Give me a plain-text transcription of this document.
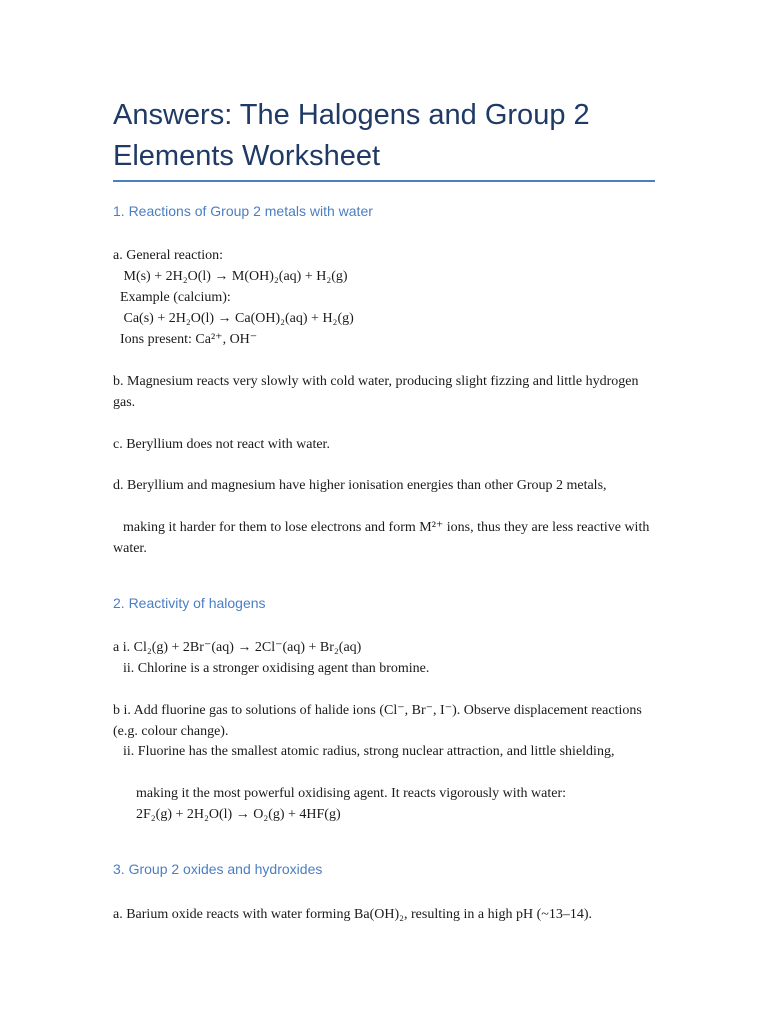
Answers: The Halogens and Group 2 Elements Worksheet
1. Reactions of Group 2 metals with water

a. General reaction:

M(s) + 2H₂O(l) → M(OH)₂(aq) + H₂(g)

Example (calcium):

Ca(s) + 2H₂O(l) → Ca(OH)₂(aq) + H₂(g)

Ions present: Ca²⁺, OH⁻

b. Magnesium reacts very slowly with cold water, producing slight fizzing and little hydrogen gas.

c. Beryllium does not react with water.

d. Beryllium and magnesium have higher ionisation energies than other Group 2 metals,

making it harder for them to lose electrons and form M²⁺ ions, thus they are less reactive with water.

2. Reactivity of halogens

a i. Cl₂(g) + 2Br⁻(aq) → 2Cl⁻(aq) + Br₂(aq)

ii. Chlorine is a stronger oxidising agent than bromine.

b i. Add fluorine gas to solutions of halide ions (Cl⁻, Br⁻, I⁻). Observe displacement reactions (e.g. colour change).

ii. Fluorine has the smallest atomic radius, strong nuclear attraction, and little shielding,

making it the most powerful oxidising agent. It reacts vigorously with water:

2F₂(g) + 2H₂O(l) → O₂(g) + 4HF(g)

3. Group 2 oxides and hydroxides

a. Barium oxide reacts with water forming Ba(OH)₂, resulting in a high pH (~13–14).
